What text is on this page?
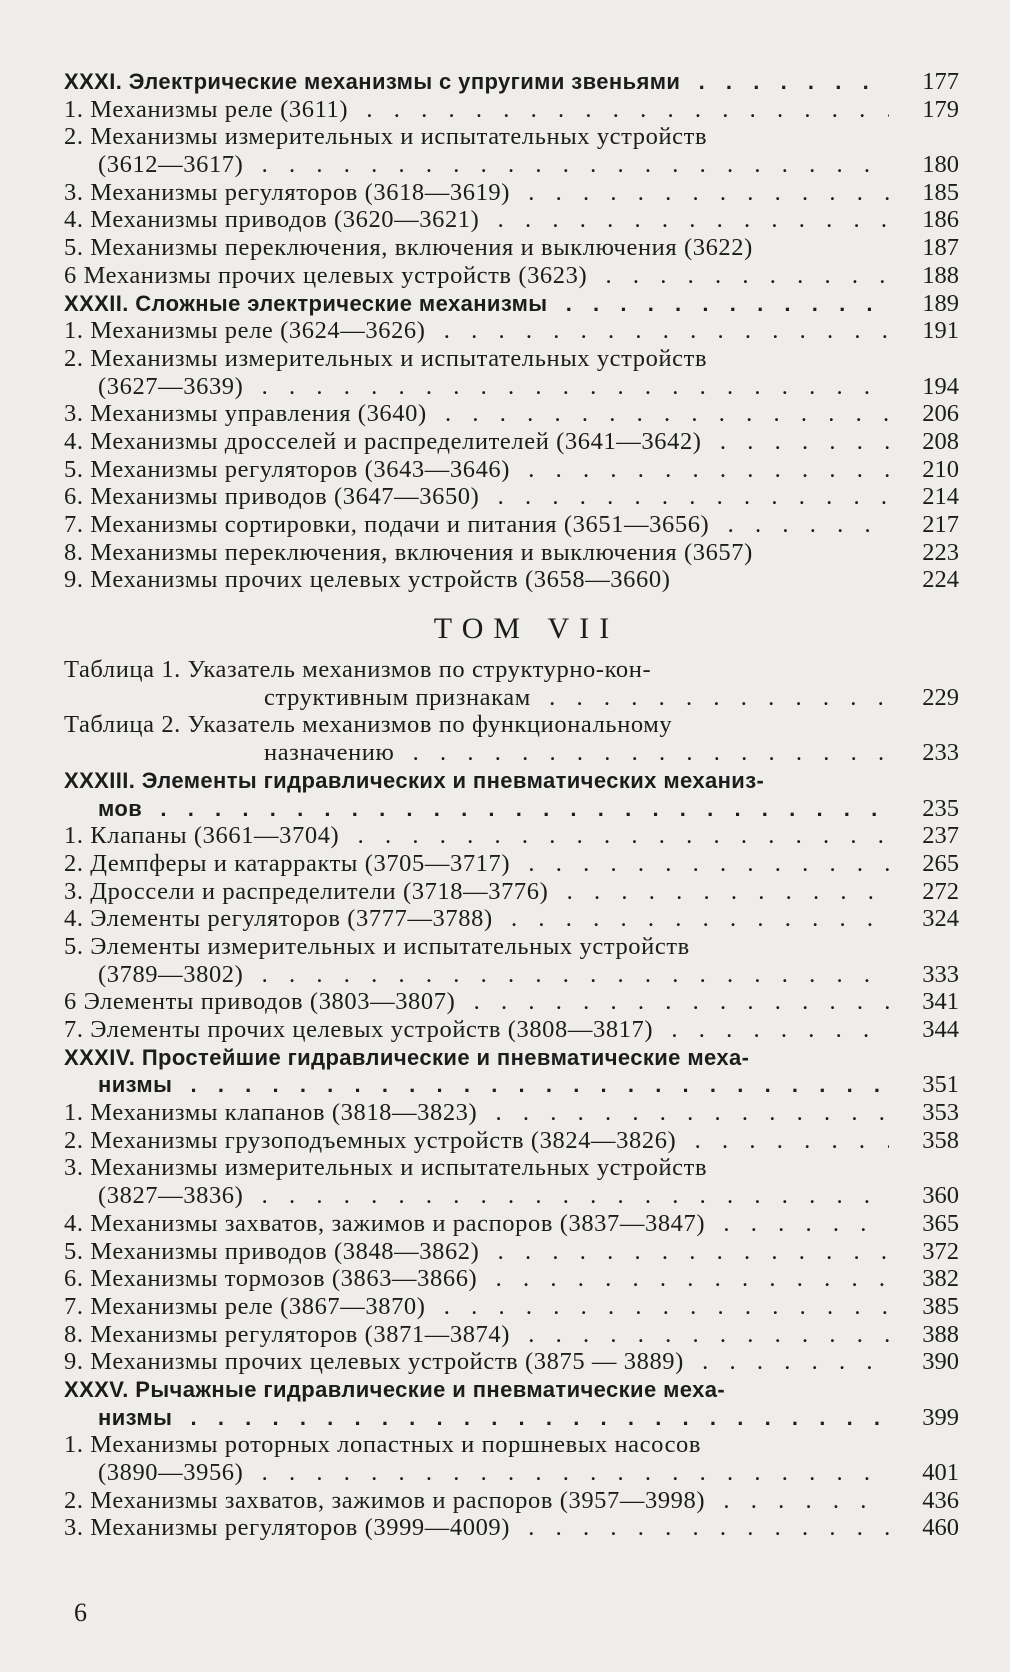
XXXI. Электрические механизмы с упругими звеньями . .	177
1. Механизмы реле (3611) . .	179
2. Механизмы измерительных и испытательных устройств
(3612—3617) . .	180
3. Механизмы регуляторов (3618—3619) . .	185
4. Механизмы приводов (3620—3621) . .	186
5. Механизмы переключения, включения и выключения (3622)	187
6 Механизмы прочих целевых устройств (3623) . .	188
XXXII. Сложные электрические механизмы . .	189
1. Механизмы реле (3624—3626) . .	191
2. Механизмы измерительных и испытательных устройств
(3627—3639) . .	194
3. Механизмы управления (3640) . .	206
4. Механизмы дросселей и распределителей (3641—3642) . .	208
5. Механизмы регуляторов (3643—3646) . .	210
6. Механизмы приводов (3647—3650) . .	214
7. Механизмы сортировки, подачи и питания (3651—3656) . .	217
8. Механизмы переключения, включения и выключения (3657)	223
9. Механизмы прочих целевых устройств (3658—3660)	224
ТОМ VII
Таблица 1. Указатель механизмов по структурно-кон-
структивным признакам . .	229
Таблица 2. Указатель механизмов по функциональному
назначению . .	233
XXXIII. Элементы гидравлических и пневматических механиз-
мов . .	235
1. Клапаны (3661—3704) . .	237
2. Демпферы и катарракты (3705—3717) . .	265
3. Дроссели и распределители (3718—3776) . .	272
4. Элементы регуляторов (3777—3788) . .	324
5. Элементы измерительных и испытательных устройств
(3789—3802) . .	333
6 Элементы приводов (3803—3807) . .	341
7. Элементы прочих целевых устройств (3808—3817) . .	344
XXXIV. Простейшие гидравлические и пневматические меха-
низмы . .	351
1. Механизмы клапанов (3818—3823) . .	353
2. Механизмы грузоподъемных устройств (3824—3826) . .	358
3. Механизмы измерительных и испытательных устройств
(3827—3836) . .	360
4. Механизмы захватов, зажимов и распоров (3837—3847) . .	365
5. Механизмы приводов (3848—3862) . .	372
6. Механизмы тормозов (3863—3866) . .	382
7. Механизмы реле (3867—3870) . .	385
8. Механизмы регуляторов (3871—3874) . .	388
9. Механизмы прочих целевых устройств (3875 — 3889) . .	390
XXXV. Рычажные гидравлические и пневматические меха-
низмы . .	399
1. Механизмы роторных лопастных и поршневых насосов
(3890—3956) . .	401
2. Механизмы захватов, зажимов и распоров (3957—3998) . .	436
3. Механизмы регуляторов (3999—4009) . .	460
6
